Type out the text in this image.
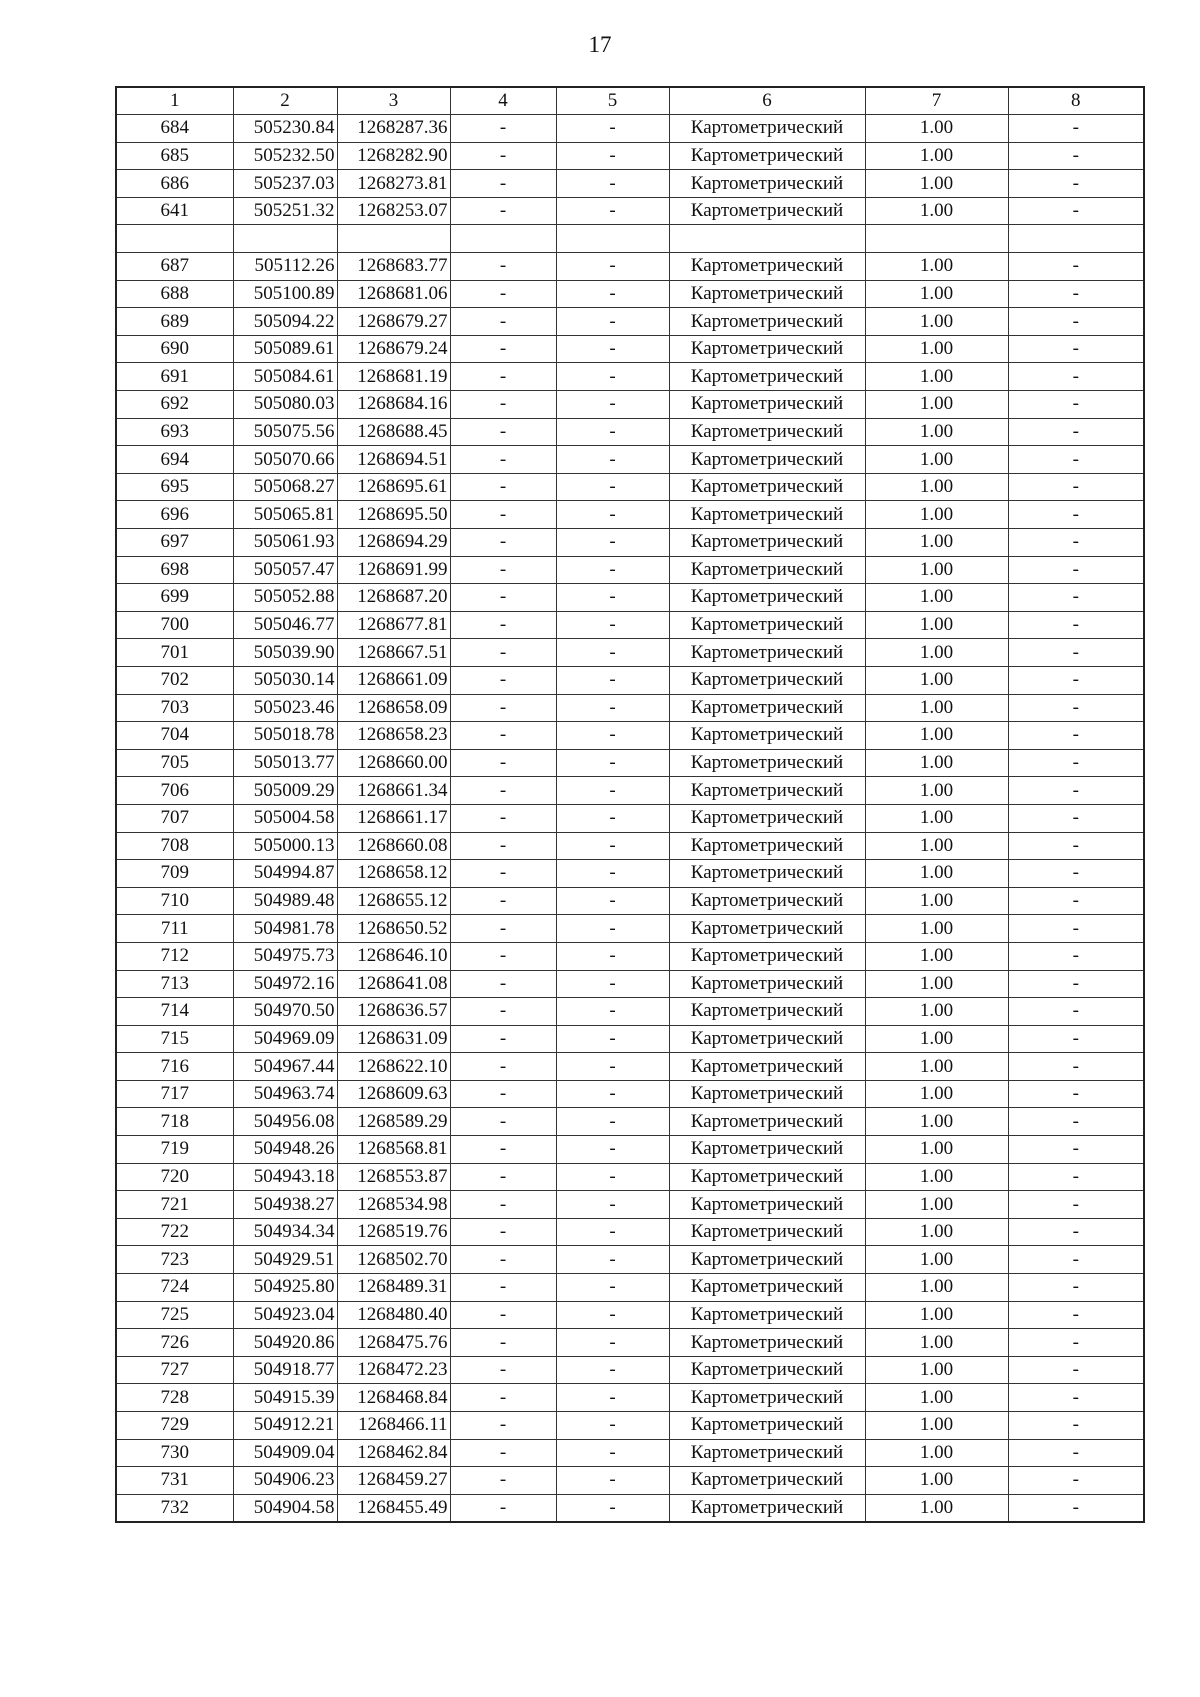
17
1	2	3	4	5	6	7	8
684	505230.84	1268287.36	-	-	Картометрический	1.00	-
685	505232.50	1268282.90	-	-	Картометрический	1.00	-
686	505237.03	1268273.81	-	-	Картометрический	1.00	-
641	505251.32	1268253.07	-	-	Картометрический	1.00	-

687	505112.26	1268683.77	-	-	Картометрический	1.00	-
688	505100.89	1268681.06	-	-	Картометрический	1.00	-
689	505094.22	1268679.27	-	-	Картометрический	1.00	-
690	505089.61	1268679.24	-	-	Картометрический	1.00	-
691	505084.61	1268681.19	-	-	Картометрический	1.00	-
692	505080.03	1268684.16	-	-	Картометрический	1.00	-
693	505075.56	1268688.45	-	-	Картометрический	1.00	-
694	505070.66	1268694.51	-	-	Картометрический	1.00	-
695	505068.27	1268695.61	-	-	Картометрический	1.00	-
696	505065.81	1268695.50	-	-	Картометрический	1.00	-
697	505061.93	1268694.29	-	-	Картометрический	1.00	-
698	505057.47	1268691.99	-	-	Картометрический	1.00	-
699	505052.88	1268687.20	-	-	Картометрический	1.00	-
700	505046.77	1268677.81	-	-	Картометрический	1.00	-
701	505039.90	1268667.51	-	-	Картометрический	1.00	-
702	505030.14	1268661.09	-	-	Картометрический	1.00	-
703	505023.46	1268658.09	-	-	Картометрический	1.00	-
704	505018.78	1268658.23	-	-	Картометрический	1.00	-
705	505013.77	1268660.00	-	-	Картометрический	1.00	-
706	505009.29	1268661.34	-	-	Картометрический	1.00	-
707	505004.58	1268661.17	-	-	Картометрический	1.00	-
708	505000.13	1268660.08	-	-	Картометрический	1.00	-
709	504994.87	1268658.12	-	-	Картометрический	1.00	-
710	504989.48	1268655.12	-	-	Картометрический	1.00	-
711	504981.78	1268650.52	-	-	Картометрический	1.00	-
712	504975.73	1268646.10	-	-	Картометрический	1.00	-
713	504972.16	1268641.08	-	-	Картометрический	1.00	-
714	504970.50	1268636.57	-	-	Картометрический	1.00	-
715	504969.09	1268631.09	-	-	Картометрический	1.00	-
716	504967.44	1268622.10	-	-	Картометрический	1.00	-
717	504963.74	1268609.63	-	-	Картометрический	1.00	-
718	504956.08	1268589.29	-	-	Картометрический	1.00	-
719	504948.26	1268568.81	-	-	Картометрический	1.00	-
720	504943.18	1268553.87	-	-	Картометрический	1.00	-
721	504938.27	1268534.98	-	-	Картометрический	1.00	-
722	504934.34	1268519.76	-	-	Картометрический	1.00	-
723	504929.51	1268502.70	-	-	Картометрический	1.00	-
724	504925.80	1268489.31	-	-	Картометрический	1.00	-
725	504923.04	1268480.40	-	-	Картометрический	1.00	-
726	504920.86	1268475.76	-	-	Картометрический	1.00	-
727	504918.77	1268472.23	-	-	Картометрический	1.00	-
728	504915.39	1268468.84	-	-	Картометрический	1.00	-
729	504912.21	1268466.11	-	-	Картометрический	1.00	-
730	504909.04	1268462.84	-	-	Картометрический	1.00	-
731	504906.23	1268459.27	-	-	Картометрический	1.00	-
732	504904.58	1268455.49	-	-	Картометрический	1.00	-
